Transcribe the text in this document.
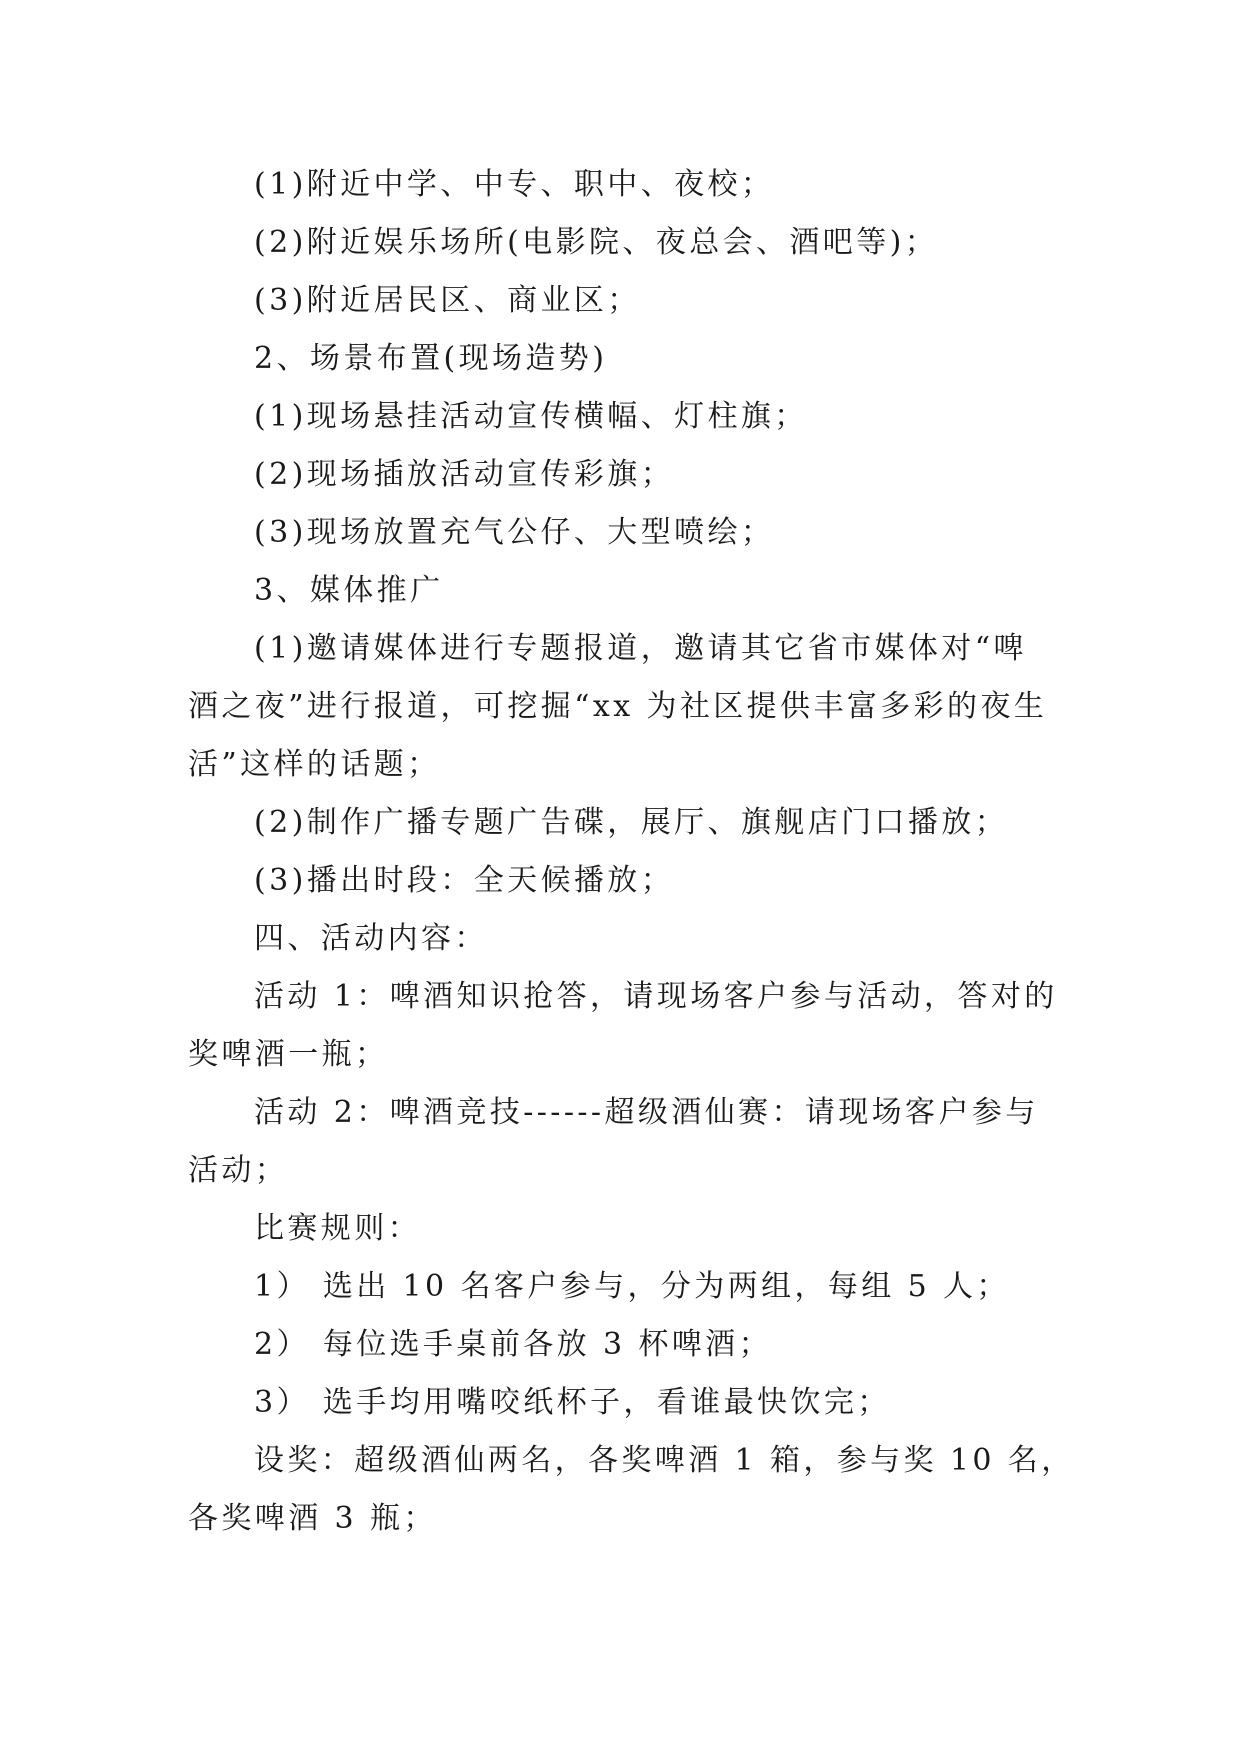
(1)附近中学、中专、职中、夜校；
(2)附近娱乐场所(电影院、夜总会、酒吧等)；
(3)附近居民区、商业区；
2、场景布置(现场造势)
(1)现场悬挂活动宣传横幅、灯柱旗；
(2)现场插放活动宣传彩旗；
(3)现场放置充气公仔、大型喷绘；
3、媒体推广
(1)邀请媒体进行专题报道，邀请其它省市媒体对“啤
酒之夜”进行报道，可挖掘“xx 为社区提供丰富多彩的夜生
活”这样的话题；
(2)制作广播专题广告碟，展厅、旗舰店门口播放；
(3)播出时段：全天候播放；
四、活动内容：
活动 1：啤酒知识抢答，请现场客户参与活动，答对的
奖啤酒一瓶；
活动 2：啤酒竞技------超级酒仙赛：请现场客户参与
活动；
比赛规则：
1） 选出 10 名客户参与，分为两组，每组 5 人；
2） 每位选手桌前各放 3 杯啤酒；
3） 选手均用嘴咬纸杯子，看谁最快饮完；
设奖：超级酒仙两名，各奖啤酒 1 箱，参与奖 10 名，
各奖啤酒 3 瓶；
